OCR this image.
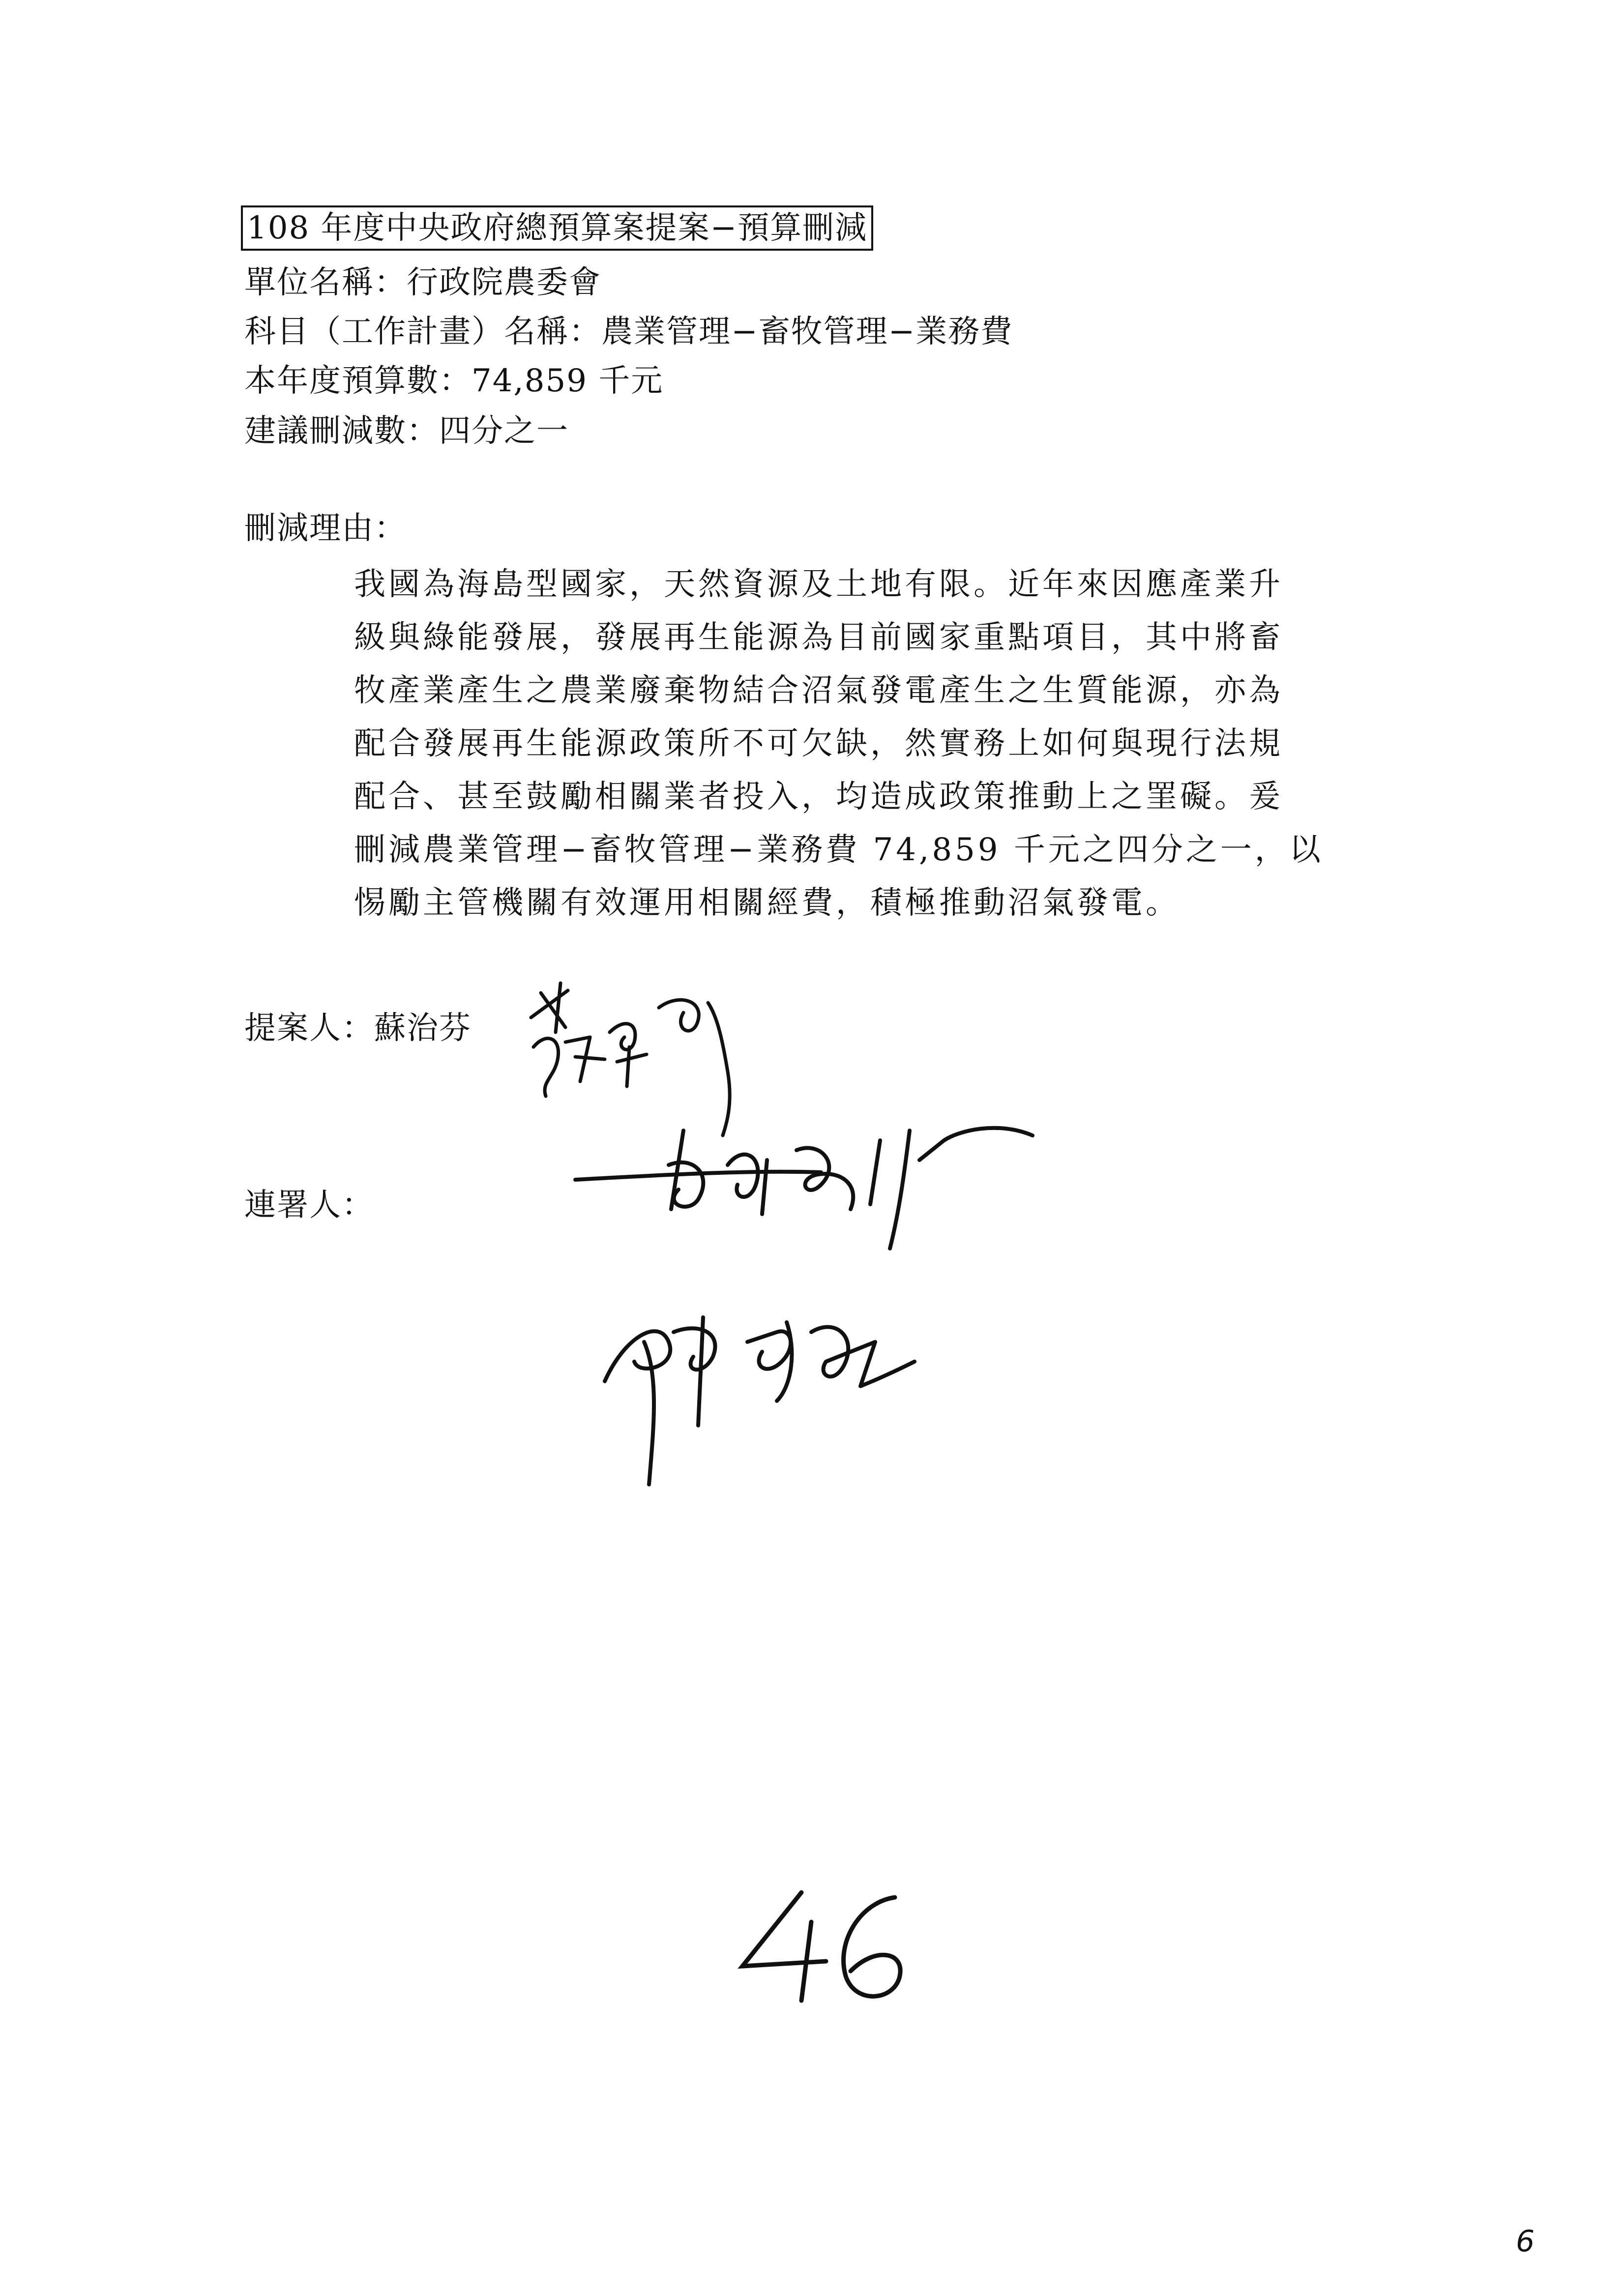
108 年度中央政府總預算案提案−預算刪減

單位名稱：行政院農委會

科目（工作計畫）名稱：農業管理−畜牧管理−業務費

本年度預算數：74,859 千元

建議刪減數：四分之一

刪減理由：

我國為海島型國家，天然資源及土地有限。近年來因應產業升
級與綠能發展，發展再生能源為目前國家重點項目，其中將畜
牧產業產生之農業廢棄物結合沼氣發電產生之生質能源，亦為
配合發展再生能源政策所不可欠缺，然實務上如何與現行法規
配合、甚至鼓勵相關業者投入，均造成政策推動上之罣礙。爰
刪減農業管理−畜牧管理−業務費 74,859 千元之四分之一，以
惕勵主管機關有效運用相關經費，積極推動沼氣發電。

提案人：蘇治芬

連署人：

6
